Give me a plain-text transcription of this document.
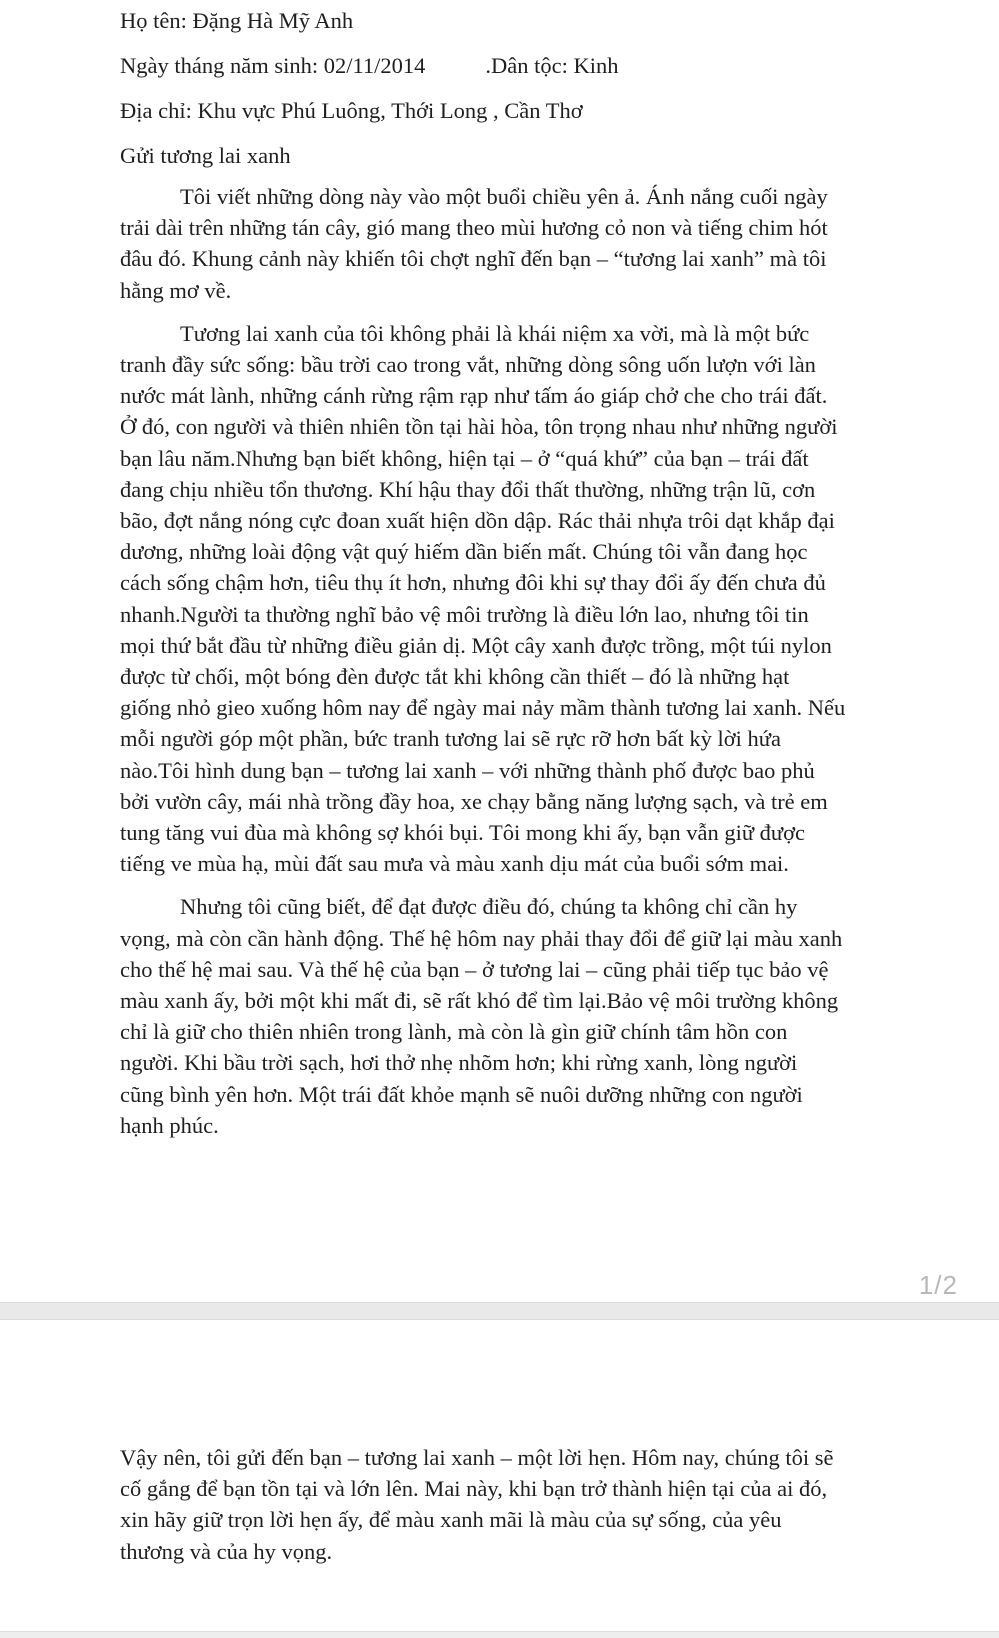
Họ tên: Đặng Hà Mỹ Anh
Ngày tháng năm sinh: 02/11/2014	.Dân tộc: Kinh
Địa chỉ: Khu vực Phú Luông, Thới Long , Cần Thơ
Gửi tương lai xanh

Tôi viết những dòng này vào một buổi chiều yên ả. Ánh nắng cuối ngày
trải dài trên những tán cây, gió mang theo mùi hương cỏ non và tiếng chim hót
đâu đó. Khung cảnh này khiến tôi chợt nghĩ đến bạn – “tương lai xanh” mà tôi
hằng mơ về.

Tương lai xanh của tôi không phải là khái niệm xa vời, mà là một bức
tranh đầy sức sống: bầu trời cao trong vắt, những dòng sông uốn lượn với làn
nước mát lành, những cánh rừng rậm rạp như tấm áo giáp chở che cho trái đất.
Ở đó, con người và thiên nhiên tồn tại hài hòa, tôn trọng nhau như những người
bạn lâu năm.Nhưng bạn biết không, hiện tại – ở “quá khứ” của bạn – trái đất
đang chịu nhiều tổn thương. Khí hậu thay đổi thất thường, những trận lũ, cơn
bão, đợt nắng nóng cực đoan xuất hiện dồn dập. Rác thải nhựa trôi dạt khắp đại
dương, những loài động vật quý hiếm dần biến mất. Chúng tôi vẫn đang học
cách sống chậm hơn, tiêu thụ ít hơn, nhưng đôi khi sự thay đổi ấy đến chưa đủ
nhanh.Người ta thường nghĩ bảo vệ môi trường là điều lớn lao, nhưng tôi tin
mọi thứ bắt đầu từ những điều giản dị. Một cây xanh được trồng, một túi nylon
được từ chối, một bóng đèn được tắt khi không cần thiết – đó là những hạt
giống nhỏ gieo xuống hôm nay để ngày mai nảy mầm thành tương lai xanh. Nếu
mỗi người góp một phần, bức tranh tương lai sẽ rực rỡ hơn bất kỳ lời hứa
nào.Tôi hình dung bạn – tương lai xanh – với những thành phố được bao phủ
bởi vườn cây, mái nhà trồng đầy hoa, xe chạy bằng năng lượng sạch, và trẻ em
tung tăng vui đùa mà không sợ khói bụi. Tôi mong khi ấy, bạn vẫn giữ được
tiếng ve mùa hạ, mùi đất sau mưa và màu xanh dịu mát của buổi sớm mai.

Nhưng tôi cũng biết, để đạt được điều đó, chúng ta không chỉ cần hy
vọng, mà còn cần hành động. Thế hệ hôm nay phải thay đổi để giữ lại màu xanh
cho thế hệ mai sau. Và thế hệ của bạn – ở tương lai – cũng phải tiếp tục bảo vệ
màu xanh ấy, bởi một khi mất đi, sẽ rất khó để tìm lại.Bảo vệ môi trường không
chỉ là giữ cho thiên nhiên trong lành, mà còn là gìn giữ chính tâm hồn con
người. Khi bầu trời sạch, hơi thở nhẹ nhõm hơn; khi rừng xanh, lòng người
cũng bình yên hơn. Một trái đất khỏe mạnh sẽ nuôi dưỡng những con người
hạnh phúc.

1/2

Vậy nên, tôi gửi đến bạn – tương lai xanh – một lời hẹn. Hôm nay, chúng tôi sẽ
cố gắng để bạn tồn tại và lớn lên. Mai này, khi bạn trở thành hiện tại của ai đó,
xin hãy giữ trọn lời hẹn ấy, để màu xanh mãi là màu của sự sống, của yêu
thương và của hy vọng.
